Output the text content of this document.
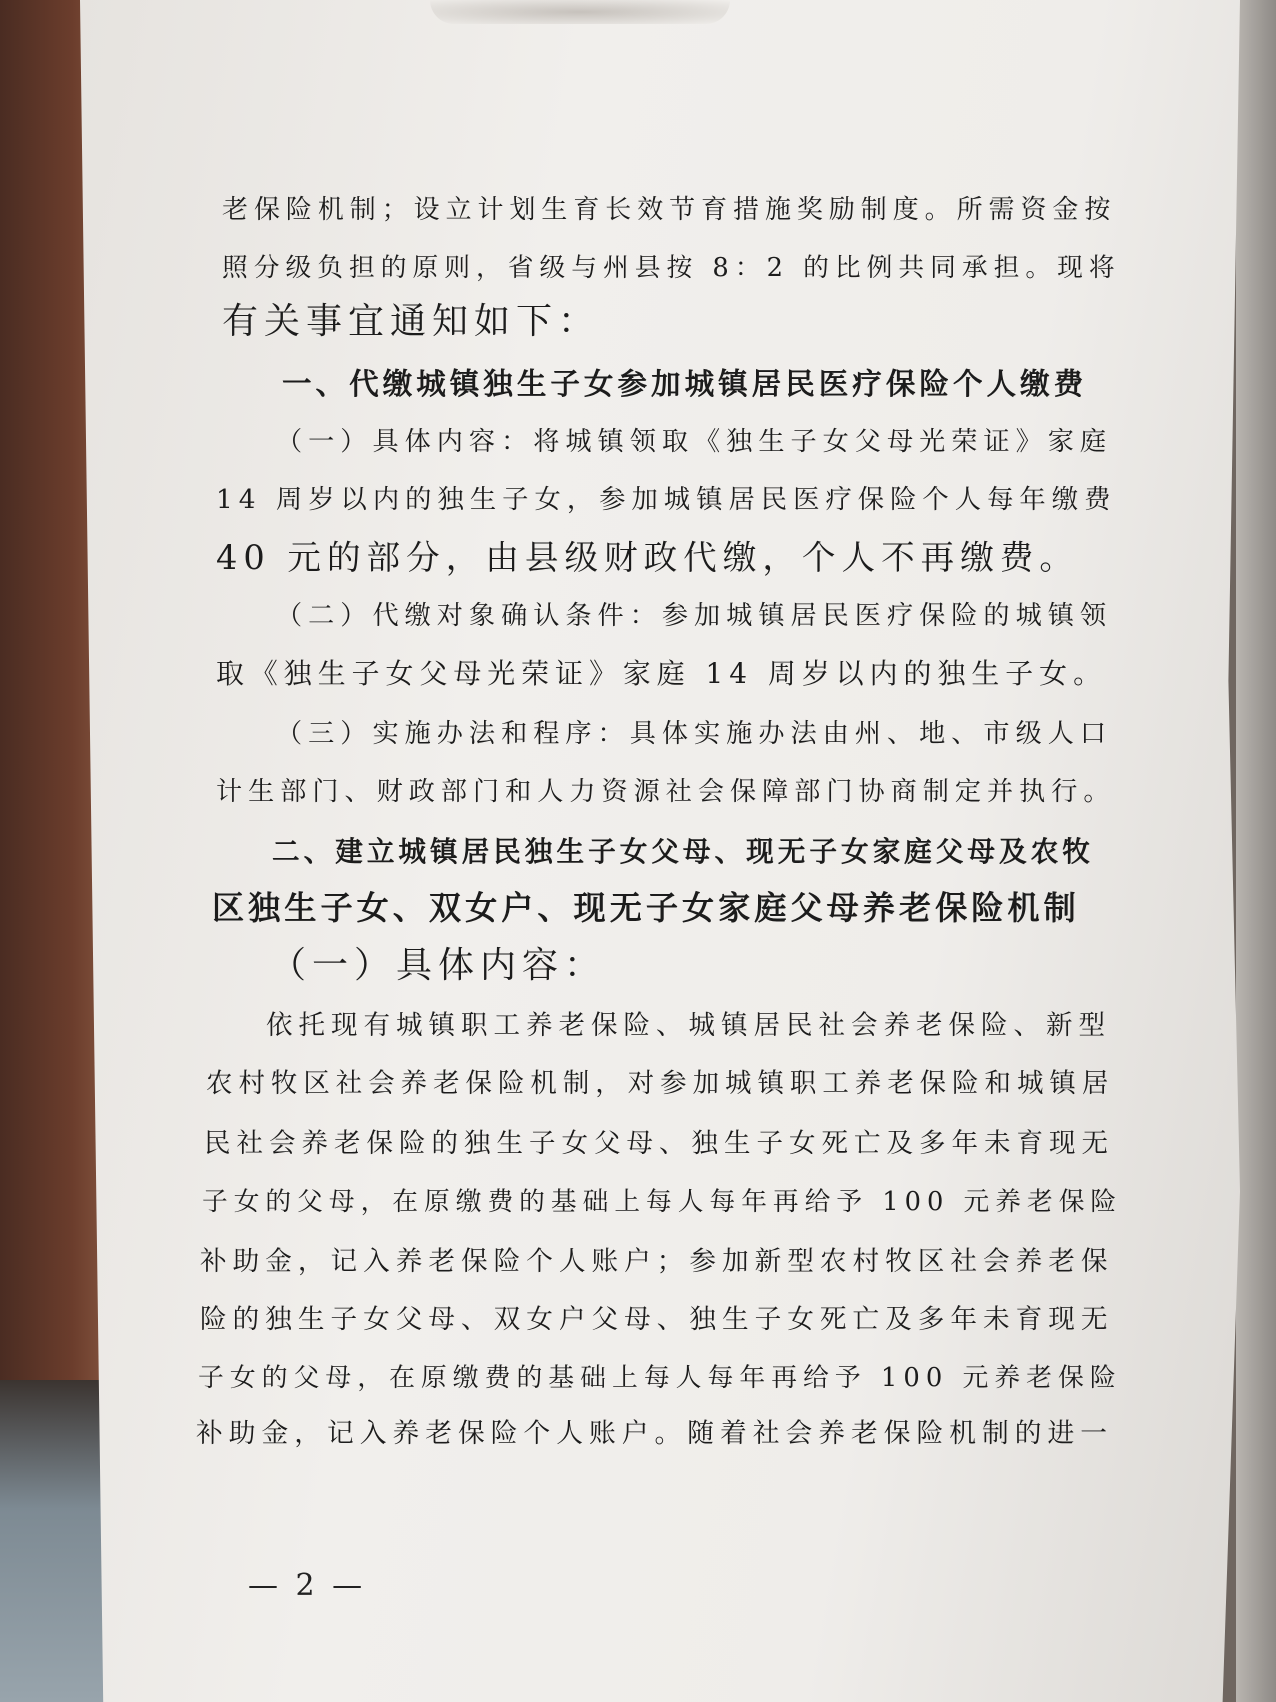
老保险机制；设立计划生育长效节育措施奖励制度。所需资金按
照分级负担的原则，省级与州县按 8：2 的比例共同承担。现将
有关事宜通知如下：
一、代缴城镇独生子女参加城镇居民医疗保险个人缴费
（一）具体内容：将城镇领取《独生子女父母光荣证》家庭
14 周岁以内的独生子女，参加城镇居民医疗保险个人每年缴费
40 元的部分，由县级财政代缴，个人不再缴费。
（二）代缴对象确认条件：参加城镇居民医疗保险的城镇领
取《独生子女父母光荣证》家庭 14 周岁以内的独生子女。
（三）实施办法和程序：具体实施办法由州、地、市级人口
计生部门、财政部门和人力资源社会保障部门协商制定并执行。
二、建立城镇居民独生子女父母、现无子女家庭父母及农牧
区独生子女、双女户、现无子女家庭父母养老保险机制
（一）具体内容：
依托现有城镇职工养老保险、城镇居民社会养老保险、新型
农村牧区社会养老保险机制，对参加城镇职工养老保险和城镇居
民社会养老保险的独生子女父母、独生子女死亡及多年未育现无
子女的父母，在原缴费的基础上每人每年再给予 100 元养老保险
补助金，记入养老保险个人账户；参加新型农村牧区社会养老保
险的独生子女父母、双女户父母、独生子女死亡及多年未育现无
子女的父母，在原缴费的基础上每人每年再给予 100 元养老保险
补助金，记入养老保险个人账户。随着社会养老保险机制的进一
— 2 —
